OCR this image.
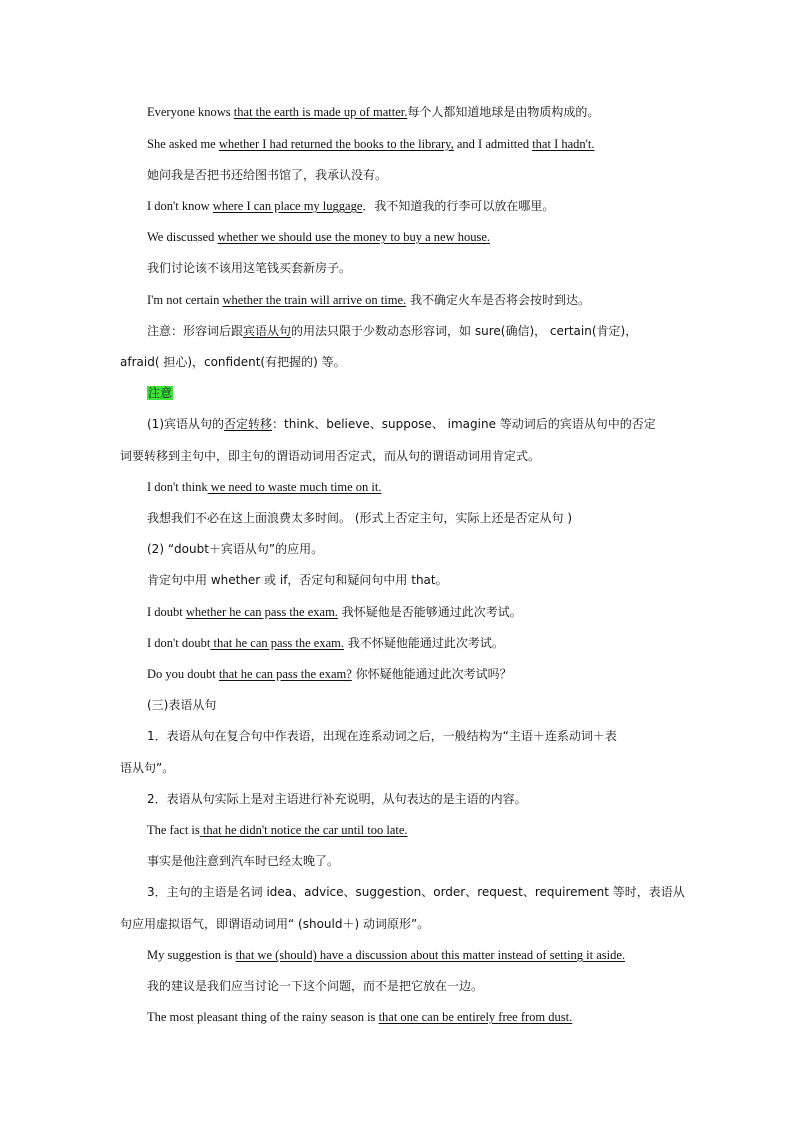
Everyone knows that the earth is made up of matter.每个人都知道地球是由物质构成的。
She asked me whether I had returned the books to the library, and I admitted that I hadn't.
她问我是否把书还给图书馆了，我承认没有。
I don't know where I can place my luggage．我不知道我的行李可以放在哪里。
We discussed whether we should use the money to buy a new house.
我们讨论该不该用这笔钱买套新房子。
I'm not certain whether the train will arrive on time. 我不确定火车是否将会按时到达。
注意：形容词后跟宾语从句的用法只限于少数动态形容词，如 sure(确信)， certain(肯定)，
afraid( 担心)，confident(有把握的) 等。
注意
(1)宾语从句的否定转移：think、believe、suppose、 imagine 等动词后的宾语从句中的否定
词要转移到主句中，即主句的谓语动词用否定式，而从句的谓语动词用肯定式。
I don't think we need to waste much time on it.
我想我们不必在这上面浪费太多时间。 (形式上否定主句，实际上还是否定从句 )
(2) “doubt＋宾语从句”的应用。
肯定句中用 whether 或 if，否定句和疑问句中用 that。
I doubt whether he can pass the exam. 我怀疑他是否能够通过此次考试。
I don't doubt that he can pass the exam. 我不怀疑他能通过此次考试。
Do you doubt that he can pass the exam? 你怀疑他能通过此次考试吗？
(三)表语从句
1．表语从句在复合句中作表语，出现在连系动词之后，一般结构为“主语＋连系动词＋表
语从句”。
2．表语从句实际上是对主语进行补充说明，从句表达的是主语的内容。
The fact is that he didn't notice the car until too late.
事实是他注意到汽车时已经太晚了。
3．主句的主语是名词 idea、advice、suggestion、order、request、requirement 等时，表语从
句应用虚拟语气，即谓语动词用“ (should＋) 动词原形”。
My suggestion is that we (should) have a discussion about this matter instead of setting it aside.
我的建议是我们应当讨论一下这个问题，而不是把它放在一边。
The most pleasant thing of the rainy season is that one can be entirely free from dust.
